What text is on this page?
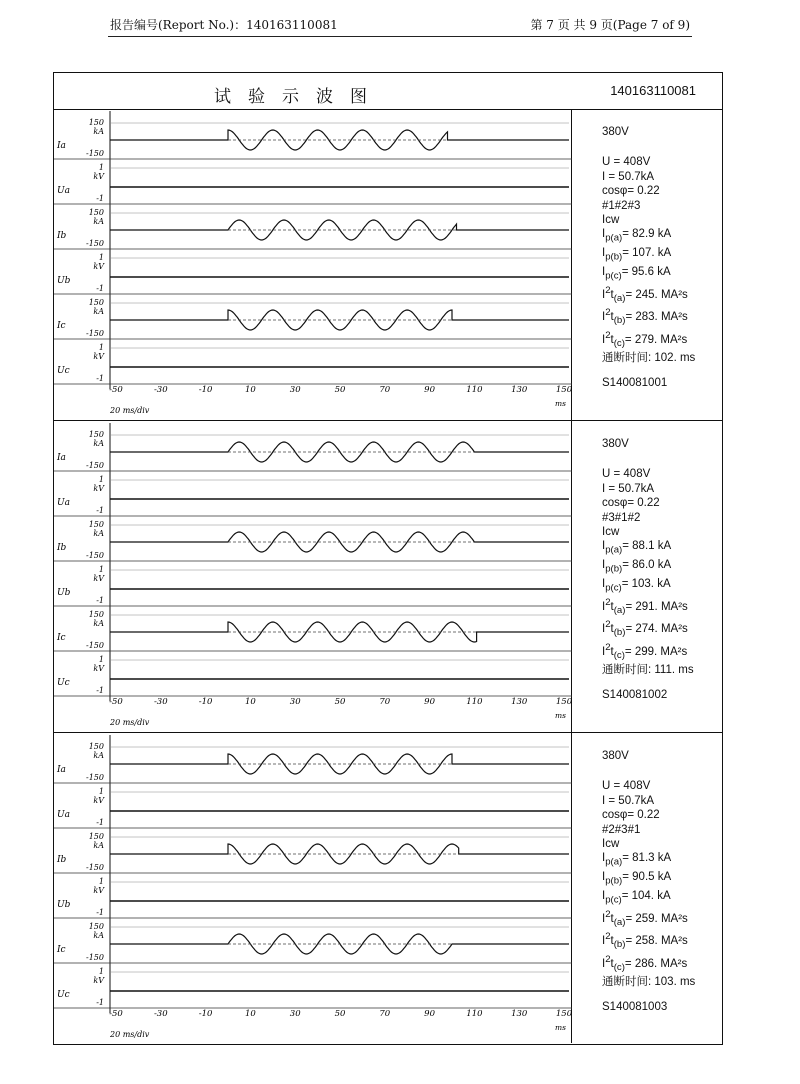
报告编号(Report No.)：140163110081	第 7 页 共 9 页(Page 7 of 9)
试验示波图	140163110081
150
kA
-150
Ia
1
kV
-1
Ua
150
kA
-150
Ib
1
kV
-1
Ub
150
kA
-150
Ic
1
kV
-1
Uc
-50	-30	-10	10	30	50	70	90	110	130	150
ms
20 ms/div
380V
U = 408V
I = 50.7kA
cosφ= 0.22
#1#2#3
Icw
$I_{p(a)}= 82.9$ kA
$I_{p(b)}= 107$. kA
$I_{p(c)}= 95.6$ kA
$I^2t_{(a)}= 245$. MA²s
$I^2t_{(b)}= 283$. MA²s
$I^2t_{(c)}= 279$. MA²s
通断时间: 102. ms
S140081001
150
kA
-150
Ia
1
kV
-1
Ua
150
kA
-150
Ib
1
kV
-1
Ub
150
kA
-150
Ic
1
kV
-1
Uc
-50	-30	-10	10	30	50	70	90	110	130	150
ms
20 ms/div
380V
U = 408V
I = 50.7kA
cosφ= 0.22
#3#1#2
Icw
$I_{p(a)}= 88.1$ kA
$I_{p(b)}= 86.0$ kA
$I_{p(c)}= 103$. kA
$I^2t_{(a)}= 291$. MA²s
$I^2t_{(b)}= 274$. MA²s
$I^2t_{(c)}= 299$. MA²s
通断时间: 111. ms
S140081002
150
kA
-150
Ia
1
kV
-1
Ua
150
kA
-150
Ib
1
kV
-1
Ub
150
kA
-150
Ic
1
kV
-1
Uc
-50	-30	-10	10	30	50	70	90	110	130	150
ms
20 ms/div
380V
U = 408V
I = 50.7kA
cosφ= 0.22
#2#3#1
Icw
$I_{p(a)}= 81.3$ kA
$I_{p(b)}= 90.5$ kA
$I_{p(c)}= 104$. kA
$I^2t_{(a)}= 259$. MA²s
$I^2t_{(b)}= 258$. MA²s
$I^2t_{(c)}= 286$. MA²s
通断时间: 103. ms
S140081003
